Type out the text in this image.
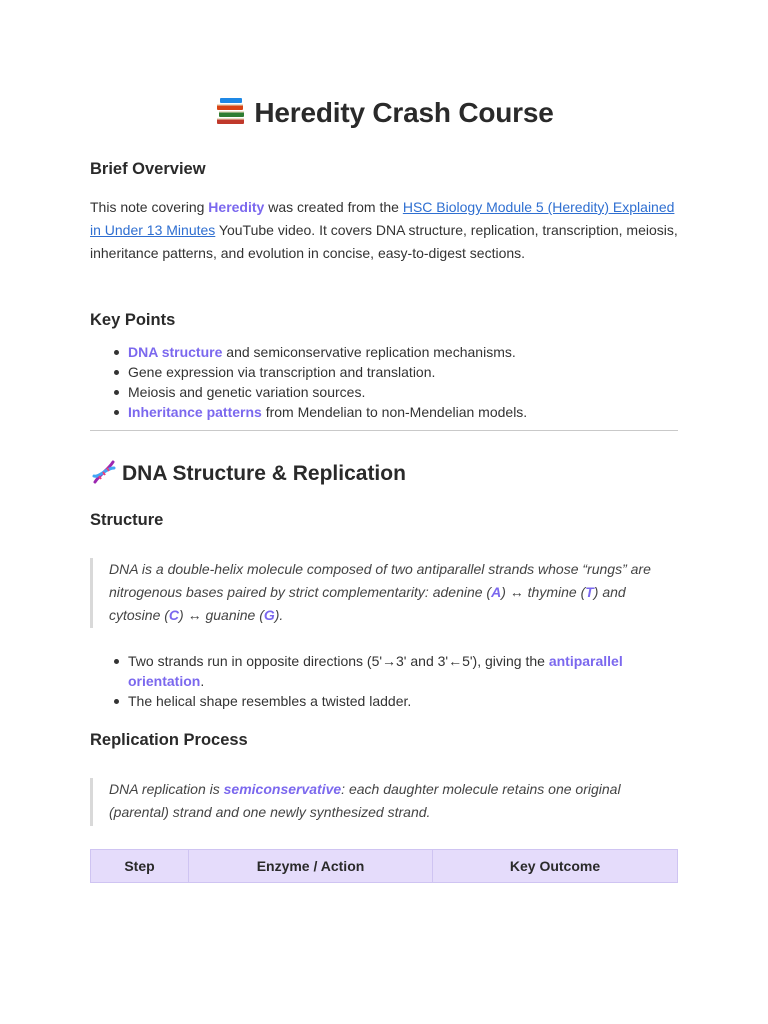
Heredity Crash Course
Brief Overview

This note covering Heredity was created from the HSC Biology Module 5 (Heredity) Explained in Under 13 Minutes YouTube video. It covers DNA structure, replication, transcription, meiosis, inheritance patterns, and evolution in concise, easy-to-digest sections.

Key Points
DNA structure and semiconservative replication mechanisms.
Gene expression via transcription and translation.
Meiosis and genetic variation sources.
Inheritance patterns from Mendelian to non-Mendelian models.
DNA Structure & Replication
Structure
DNA is a double-helix molecule composed of two antiparallel strands whose “rungs” are nitrogenous bases paired by strict complementarity: adenine (A) ↔ thymine (T) and cytosine (C) ↔ guanine (G).
Two strands run in opposite directions (5'→3' and 3'←5'), giving the antiparallel orientation.
The helical shape resembles a twisted ladder.
Replication Process
DNA replication is semiconservative: each daughter molecule retains one original (parental) strand and one newly synthesized strand.
Step	Enzyme / Action	Key Outcome
